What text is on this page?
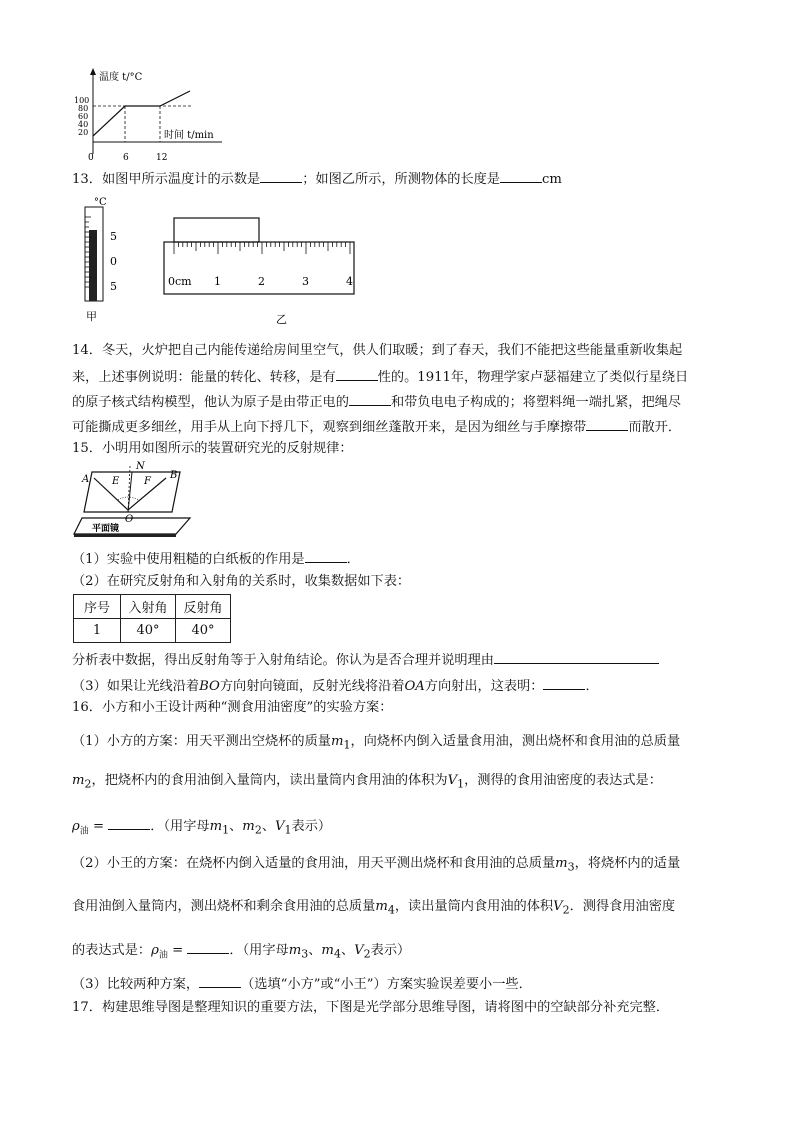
温度 t/°C
100
80
60
40
20	时间 t/min
0	6	12
13．如图甲所示温度计的示数是	；如图乙所示，所测物体的长度是	cm
°C
5
0
5
甲
0cm 1	2	3	4
乙
14．冬天，火炉把自己内能传递给房间里空气，供人们取暖；到了春天，我们不能把这些能量重新收集起
来，上述事例说明：能量的转化、转移，是有	性的。1911年，物理学家卢瑟福建立了类似行星绕日
的原子核式结构模型，他认为原子是由带正电的	和带负电电子构成的；将塑料绳一端扎紧，把绳尽
可能撕成更多细丝，用手从上向下捋几下，观察到细丝蓬散开来，是因为细丝与手摩擦带	而散开．
15．小明用如图所示的装置研究光的反射规律：
平面镜
A	B
N
E F
O
（1）实验中使用粗糙的白纸板的作用是	．
（2）在研究反射角和入射角的关系时，收集数据如下表：
序号	入射角	反射角
1	40°	40°
分析表中数据，得出反射角等于入射角结论。你认为是否合理并说明理由
（3）如果让光线沿着BO方向射向镜面，反射光线将沿着OA方向射出，这表明：	．
16．小方和小王设计两种“测食用油密度”的实验方案：
（1）小方的方案：用天平测出空烧杯的质量$m_1$，向烧杯内倒入适量食用油，测出烧杯和食用油的总质量
$m_2$，把烧杯内的食用油倒入量筒内，读出量筒内食用油的体积为$V_1$，测得的食用油密度的表达式是：
$\rho_油$ =	．（用字母$m_1$、$m_2$、$V_1$表示）
（2）小王的方案：在烧杯内倒入适量的食用油，用天平测出烧杯和食用油的总质量$m_3$，将烧杯内的适量
食用油倒入量筒内，测出烧杯和剩余食用油的总质量$m_4$，读出量筒内食用油的体积$V_2$．测得食用油密度
的表达式是：$\rho_油$ =	．（用字母$m_3$、$m_4$、$V_2$表示）
（3）比较两种方案，	（选填“小方”或“小王”）方案实验误差要小一些．
17．构建思维导图是整理知识的重要方法，下图是光学部分思维导图，请将图中的空缺部分补充完整．
